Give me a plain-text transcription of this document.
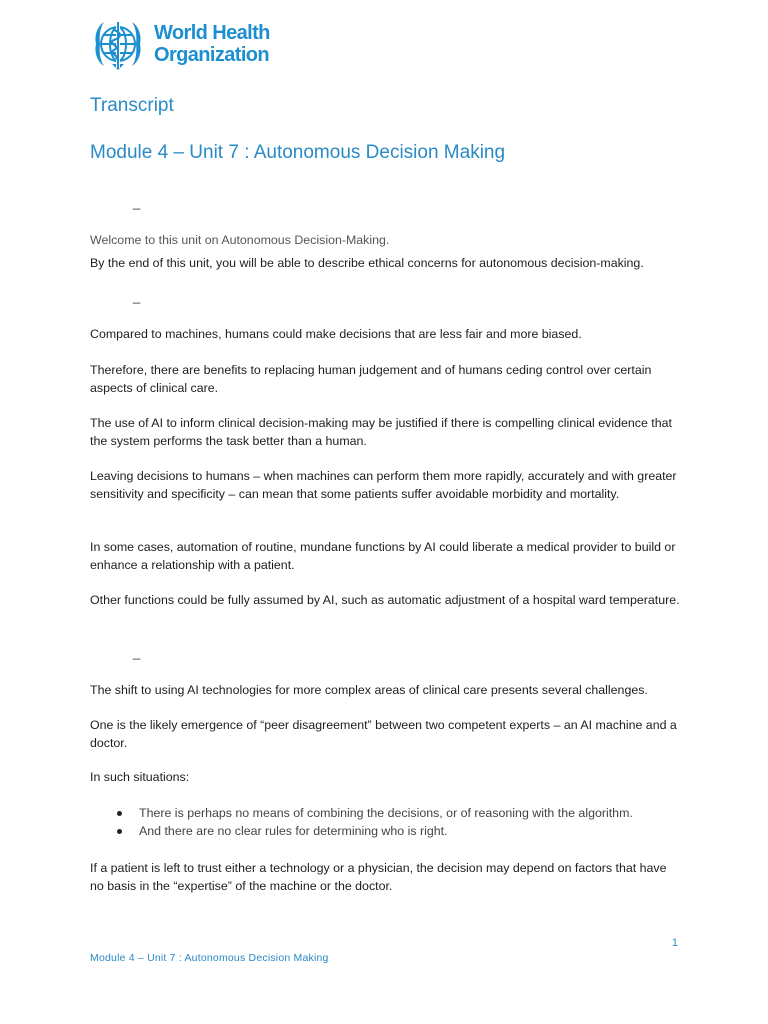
World Health
Organization
Transcript
Module 4 – Unit 7 : Autonomous Decision Making
_

Welcome to this unit on Autonomous Decision-Making.

By the end of this unit, you will be able to describe ethical concerns for autonomous decision-making.

_

Compared to machines, humans could make decisions that are less fair and more biased.

Therefore, there are benefits to replacing human judgement and of humans ceding control over certain aspects of clinical care.

The use of AI to inform clinical decision-making may be justified if there is compelling clinical evidence that the system performs the task better than a human.

Leaving decisions to humans – when machines can perform them more rapidly, accurately and with greater sensitivity and specificity – can mean that some patients suffer avoidable morbidity and mortality.

In some cases, automation of routine, mundane functions by AI could liberate a medical provider to build or enhance a relationship with a patient.

Other functions could be fully assumed by AI, such as automatic adjustment of a hospital ward temperature.

_

The shift to using AI technologies for more complex areas of clinical care presents several challenges.

One is the likely emergence of “peer disagreement” between two competent experts – an AI machine and a doctor.

In such situations:

There is perhaps no means of combining the decisions, or of reasoning with the algorithm.
And there are no clear rules for determining who is right.

If a patient is left to trust either a technology or a physician, the decision may depend on factors that have no basis in the “expertise” of the machine or the doctor.

1
Module 4 – Unit 7 : Autonomous Decision Making
